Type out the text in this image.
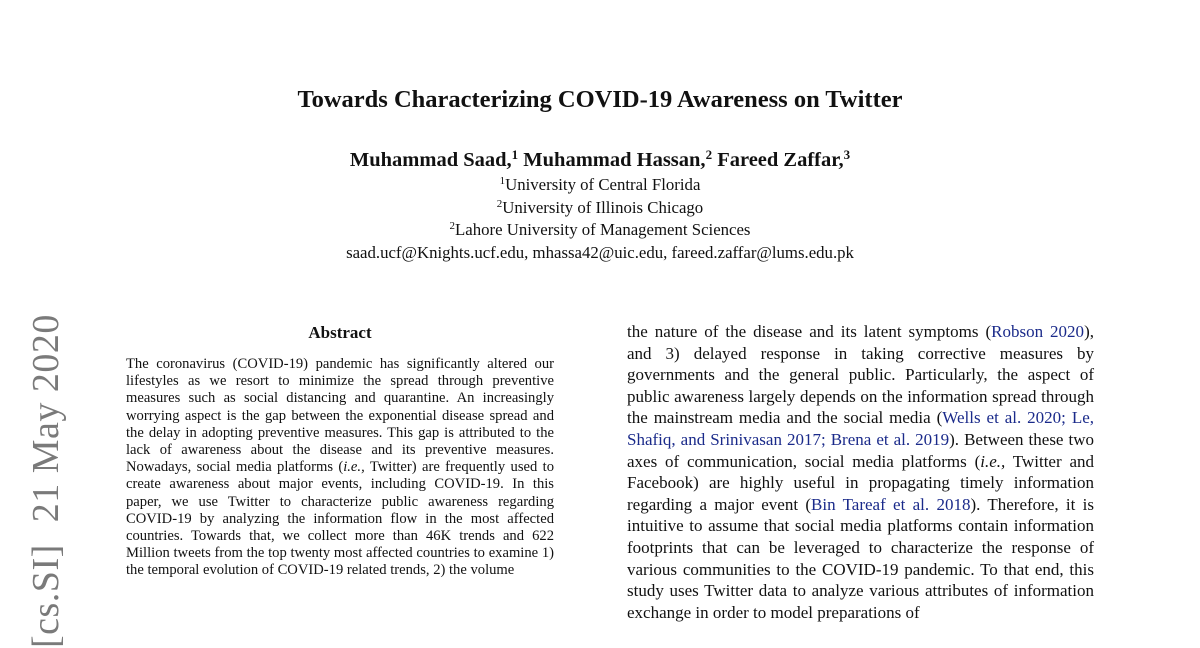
[cs.SI]21 May 2020
Towards Characterizing COVID-19 Awareness on Twitter
Muhammad Saad,$^1$ Muhammad Hassan,$^2$ Fareed Zaffar,$^3$
$^1$University of Central Florida
$^2$University of Illinois Chicago
$^2$Lahore University of Management Sciences
saad.ucf@Knights.ucf.edu, mhassa42@uic.edu, fareed.zaffar@lums.edu.pk
Abstract
The coronavirus (COVID-19) pandemic has significantly altered our lifestyles as we resort to minimize the spread through preventive measures such as social distancing and quarantine. An increasingly worrying aspect is the gap between the exponential disease spread and the delay in adopting preventive measures. This gap is attributed to the lack of awareness about the disease and its preventive measures. Nowadays, social media platforms (i.e., Twitter) are frequently used to create awareness about major events, including COVID-19. In this paper, we use Twitter to characterize public awareness regarding COVID-19 by analyzing the information flow in the most affected countries. Towards that, we collect more than 46K trends and 622 Million tweets from the top twenty most affected countries to examine 1) the temporal evolution of COVID-19 related trends, 2) the volume
the nature of the disease and its latent symptoms (Robson 2020), and 3) delayed response in taking corrective measures by governments and the general public. Particularly, the aspect of public awareness largely depends on the information spread through the mainstream media and the social media (Wells et al. 2020; Le, Shafiq, and Srinivasan 2017; Brena et al. 2019). Between these two axes of communication, social media platforms (i.e., Twitter and Facebook) are highly useful in propagating timely information regarding a major event (Bin Tareaf et al. 2018). Therefore, it is intuitive to assume that social media platforms contain information footprints that can be leveraged to characterize the response of various communities to the COVID-19 pandemic. To that end, this study uses Twitter data to analyze various attributes of information exchange in order to model preparations of
